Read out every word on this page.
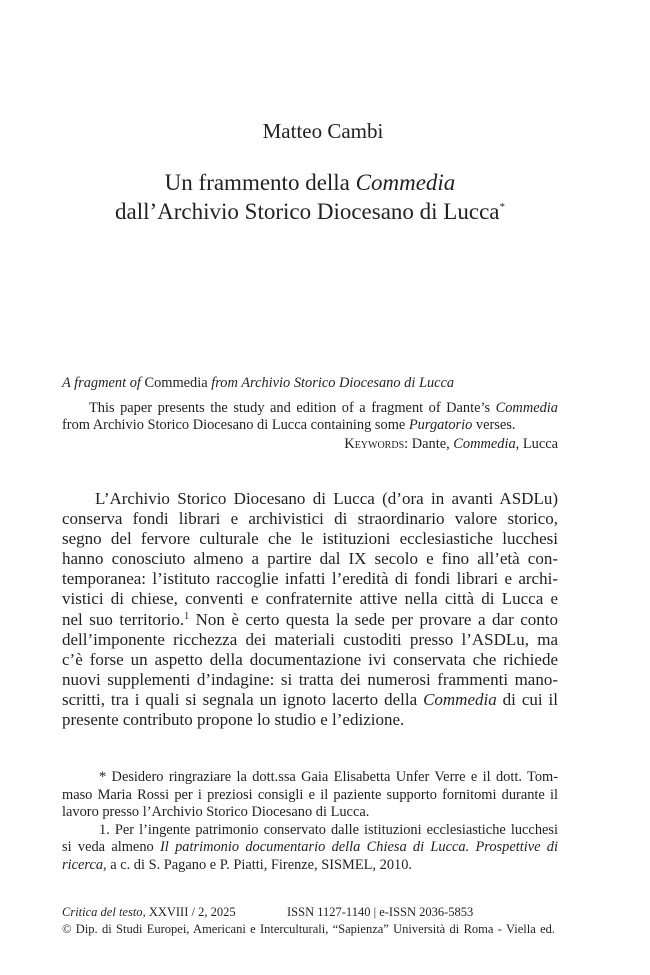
Matteo Cambi
Un frammento della Commedia
dall’Archivio Storico Diocesano di Lucca*
A fragment of Commedia from Archivio Storico Diocesano di Lucca
This paper presents the study and edition of a fragment of Dante’s Commedia
from Archivio Storico Diocesano di Lucca containing some Purgatorio verses.
Keywords: Dante, Commedia, Lucca
L’Archivio Storico Diocesano di Lucca (d’ora in avanti ASDLu)
conserva fondi librari e archivistici di straordinario valore storico,
segno del fervore culturale che le istituzioni ecclesiastiche lucchesi
hanno conosciuto almeno a partire dal IX secolo e fino all’età con-
temporanea: l’istituto raccoglie infatti l’eredità di fondi librari e archi-
vistici di chiese, conventi e confraternite attive nella città di Lucca e
nel suo territorio.$^1$ Non è certo questa la sede per provare a dar conto
dell’imponente ricchezza dei materiali custoditi presso l’ASDLu, ma
c’è forse un aspetto della documentazione ivi conservata che richiede
nuovi supplementi d’indagine: si tratta dei numerosi frammenti mano-
scritti, tra i quali si segnala un ignoto lacerto della Commedia di cui il
presente contributo propone lo studio e l’edizione.
* Desidero ringraziare la dott.ssa Gaia Elisabetta Unfer Verre e il dott. Tom-
maso Maria Rossi per i preziosi consigli e il paziente supporto fornitomi durante il
lavoro presso l’Archivio Storico Diocesano di Lucca.
1. Per l’ingente patrimonio conservato dalle istituzioni ecclesiastiche lucchesi
si veda almeno Il patrimonio documentario della Chiesa di Lucca. Prospettive di
ricerca, a c. di S. Pagano e P. Piatti, Firenze, SISMEL, 2010.
Critica del testo, XXVIII / 2, 2025	ISSN 1127-1140 | e-ISSN 2036-5853
© Dip. di Studi Europei, Americani e Interculturali, “Sapienza” Università di Roma - Viella ed.
